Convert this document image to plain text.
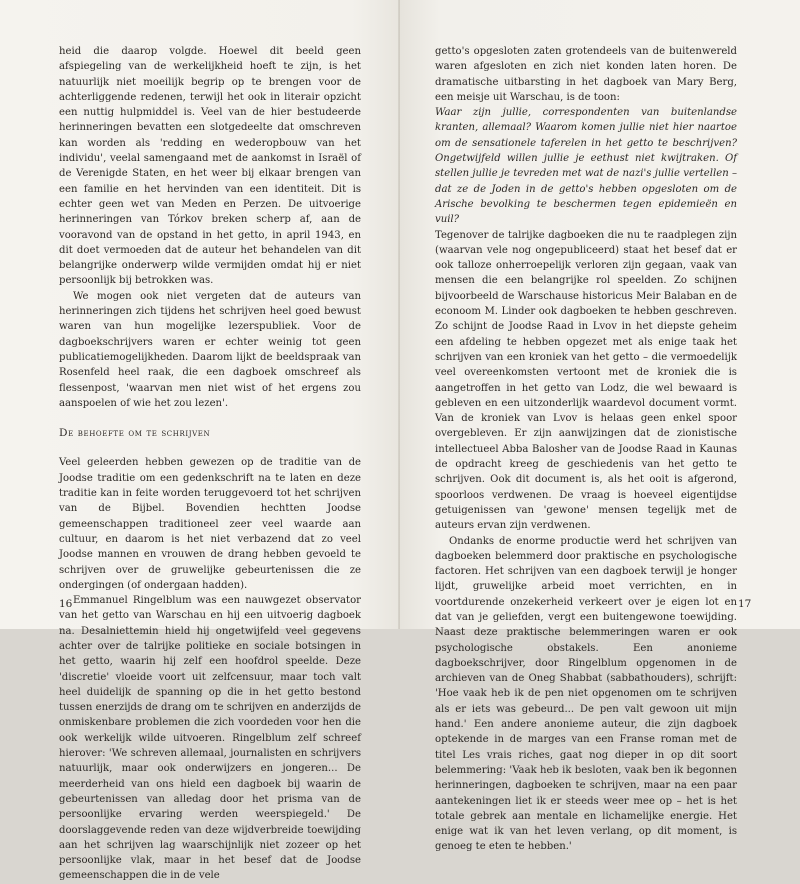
heid die daarop volgde. Hoewel dit beeld geen afspiegeling van de werkelijkheid hoeft te zijn, is het natuurlijk niet moeilijk begrip op te brengen voor de achterliggende redenen, terwijl het ook in literair opzicht een nuttig hulpmiddel is. Veel van de hier bestudeerde herinneringen bevatten een slotgedeelte dat omschreven kan worden als 'redding en wederopbouw van het individu', veelal samengaand met de aankomst in Israël of de Verenigde Staten, en het weer bij elkaar brengen van een familie en het hervinden van een identiteit. Dit is echter geen wet van Meden en Perzen. De uitvoerige herinneringen van Tórkov breken scherp af, aan de vooravond van de opstand in het getto, in april 1943, en dit doet vermoeden dat de auteur het behandelen van dit belangrijke onderwerp wilde vermijden omdat hij er niet persoonlijk bij betrokken was.

We mogen ook niet vergeten dat de auteurs van herinneringen zich tijdens het schrijven heel goed bewust waren van hun mogelijke lezerspubliek. Voor de dagboekschrijvers waren er echter weinig tot geen publicatiemogelijkheden. Daarom lijkt de beeldspraak van Rosenfeld heel raak, die een dagboek omschreef als flessenpost, 'waarvan men niet wist of het ergens zou aanspoelen of wie het zou lezen'.

De behoefte om te schrijven

Veel geleerden hebben gewezen op de traditie van de Joodse traditie om een gedenkschrift na te laten en deze traditie kan in feite worden teruggevoerd tot het schrijven van de Bijbel. Bovendien hechtten Joodse gemeenschappen traditioneel zeer veel waarde aan cultuur, en daarom is het niet verbazend dat zo veel Joodse mannen en vrouwen de drang hebben gevoeld te schrijven over de gruwelijke gebeurtenissen die ze ondergingen (of ondergaan hadden).

Emmanuel Ringelblum was een nauwgezet observator van het getto van Warschau en hij een uitvoerig dagboek na. Desalniettemin hield hij ongetwijfeld veel gegevens achter over de talrijke politieke en sociale botsingen in het getto, waarin hij zelf een hoofdrol speelde. Deze 'discretie' vloeide voort uit zelfcensuur, maar toch valt heel duidelijk de spanning op die in het getto bestond tussen enerzijds de drang om te schrijven en anderzijds de onmiskenbare problemen die zich voordeden voor hen die ook werkelijk wilde uitvoeren. Ringelblum zelf schreef hierover: 'We schreven allemaal, journalisten en schrijvers natuurlijk, maar ook onderwijzers en jongeren... De meerderheid van ons hield een dagboek bij waarin de gebeurtenissen van alledag door het prisma van de persoonlijke ervaring werden weerspiegeld.' De doorslaggevende reden van deze wijdverbreide toewijding aan het schrijven lag waarschijnlijk niet zozeer op het persoonlijke vlak, maar in het besef dat de Joodse gemeenschappen die in de vele

16

getto's opgesloten zaten grotendeels van de buitenwereld waren afgesloten en zich niet konden laten horen. De dramatische uitbarsting in het dagboek van Mary Berg, een meisje uit Warschau, is de toon:

Waar zijn jullie, correspondenten van buitenlandse kranten, allemaal? Waarom komen jullie niet hier naartoe om de sensationele taferelen in het getto te beschrijven? Ongetwijfeld willen jullie je eethust niet kwijtraken. Of stellen jullie je tevreden met wat de nazi's jullie vertellen – dat ze de Joden in de getto's hebben opgesloten om de Arische bevolking te beschermen tegen epidemieën en vuil?

Tegenover de talrijke dagboeken die nu te raadplegen zijn (waarvan vele nog ongepubliceerd) staat het besef dat er ook talloze onherroepelijk verloren zijn gegaan, vaak van mensen die een belangrijke rol speelden. Zo schijnen bijvoorbeeld de Warschause historicus Meir Balaban en de econoom M. Linder ook dagboeken te hebben geschreven. Zo schijnt de Joodse Raad in Lvov in het diepste geheim een afdeling te hebben opgezet met als enige taak het schrijven van een kroniek van het getto – die vermoedelijk veel overeenkomsten vertoont met de kroniek die is aangetroffen in het getto van Lodz, die wel bewaard is gebleven en een uitzonderlijk waardevol document vormt. Van de kroniek van Lvov is helaas geen enkel spoor overgebleven. Er zijn aanwijzingen dat de zionistische intellectueel Abba Balosher van de Joodse Raad in Kaunas de opdracht kreeg de geschiedenis van het getto te schrijven. Ook dit document is, als het ooit is afgerond, spoorloos verdwenen. De vraag is hoeveel eigentijdse getuigenissen van 'gewone' mensen tegelijk met de auteurs ervan zijn verdwenen.

Ondanks de enorme productie werd het schrijven van dagboeken belemmerd door praktische en psychologische factoren. Het schrijven van een dagboek terwijl je honger lijdt, gruwelijke arbeid moet verrichten, en in voortdurende onzekerheid verkeert over je eigen lot en dat van je geliefden, vergt een buitengewone toewijding. Naast deze praktische belemmeringen waren er ook psychologische obstakels. Een anonieme dagboekschrijver, door Ringelblum opgenomen in de archieven van de Oneg Shabbat (sabbathouders), schrijft: 'Hoe vaak heb ik de pen niet opgenomen om te schrijven als er iets was gebeurd... De pen valt gewoon uit mijn hand.' Een andere anonieme auteur, die zijn dagboek optekende in de marges van een Franse roman met de titel Les vrais riches, gaat nog dieper in op dit soort belemmering: 'Vaak heb ik besloten, vaak ben ik begonnen herinneringen, dagboeken te schrijven, maar na een paar aantekeningen liet ik er steeds weer mee op – het is het totale gebrek aan mentale en lichamelijke energie. Het enige wat ik van het leven verlang, op dit moment, is genoeg te eten te hebben.'

17
